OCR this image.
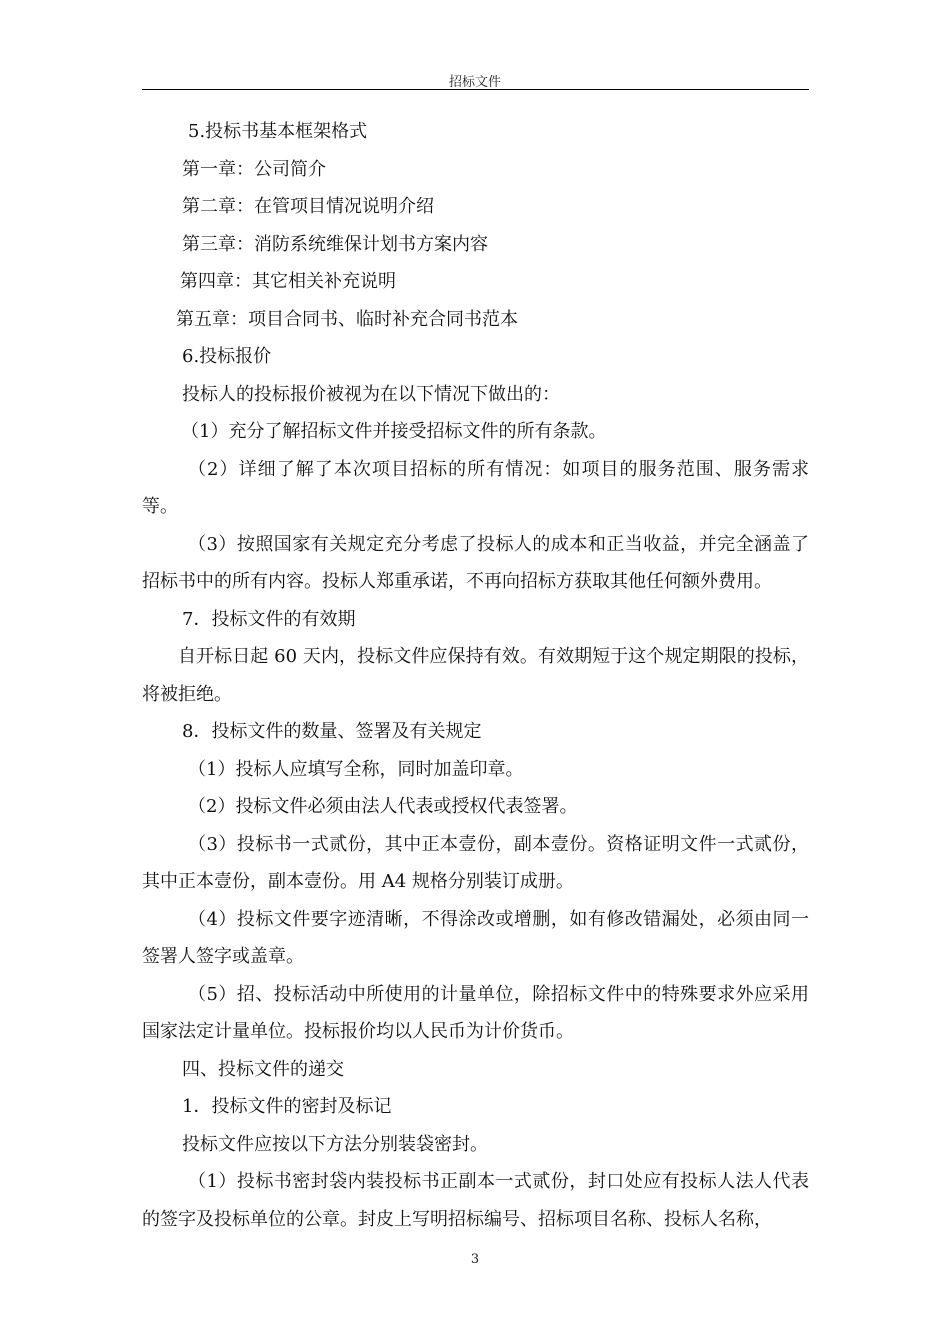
招标文件

5.投标书基本框架格式

第一章：公司简介

第二章：在管项目情况说明介绍

第三章：消防系统维保计划书方案内容

第四章：其它相关补充说明

第五章：项目合同书、临时补充合同书范本

6.投标报价

投标人的投标报价被视为在以下情况下做出的：

（1）充分了解招标文件并接受招标文件的所有条款。

（2）详细了解了本次项目招标的所有情况：如项目的服务范围、服务需求等。

（3）按照国家有关规定充分考虑了投标人的成本和正当收益，并完全涵盖了招标书中的所有内容。投标人郑重承诺，不再向招标方获取其他任何额外费用。

7．投标文件的有效期

自开标日起 60 天内，投标文件应保持有效。有效期短于这个规定期限的投标，将被拒绝。

8．投标文件的数量、签署及有关规定

（1）投标人应填写全称，同时加盖印章。

（2）投标文件必须由法人代表或授权代表签署。

（3）投标书一式贰份，其中正本壹份，副本壹份。资格证明文件一式贰份，其中正本壹份，副本壹份。用 A4 规格分别装订成册。

（4）投标文件要字迹清晰，不得涂改或增删，如有修改错漏处，必须由同一签署人签字或盖章。

（5）招、投标活动中所使用的计量单位，除招标文件中的特殊要求外应采用国家法定计量单位。投标报价均以人民币为计价货币。

四、投标文件的递交

1．投标文件的密封及标记

投标文件应按以下方法分别装袋密封。

（1）投标书密封袋内装投标书正副本一式贰份，封口处应有投标人法人代表的签字及投标单位的公章。封皮上写明招标编号、招标项目名称、投标人名称，

3
